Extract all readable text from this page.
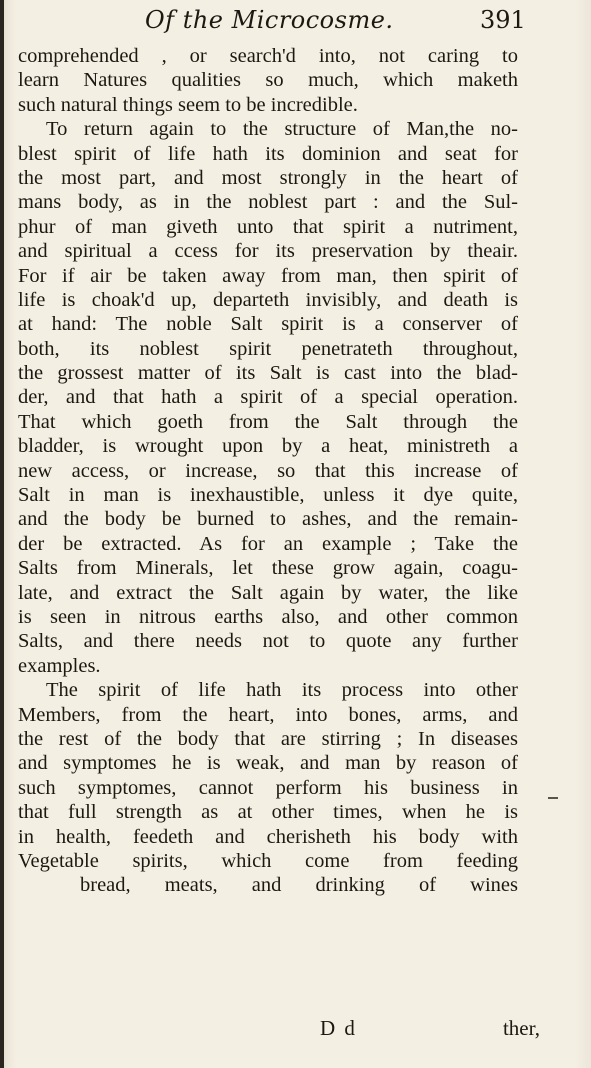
Of the Microcosme.	391
comprehended , or search'd into, not caring to
learn Natures qualities so much, which maketh
such natural things seem to be incredible.
To return again to the structure of Man,the no-
blest spirit of life hath its dominion and seat for
the most part, and most strongly in the heart of
mans body, as in the noblest part : and the Sul-
phur of man giveth unto that spirit a nutriment,
and spiritual a ccess for its preservation by theair.
For if air be taken away from man, then spirit of
life is choak'd up, departeth invisibly, and death is
at hand: The noble Salt spirit is a conserver of
both, its noblest spirit penetrateth throughout,
the grossest matter of its Salt is cast into the blad-
der, and that hath a spirit of a special operation.
That which goeth from the Salt through the
bladder, is wrought upon by a heat, ministreth a
new access, or increase, so that this increase of
Salt in man is inexhaustible, unless it dye quite,
and the body be burned to ashes, and the remain-
der be extracted. As for an example ; Take the
Salts from Minerals, let these grow again, coagu-
late, and extract the Salt again by water, the like
is seen in nitrous earths also, and other common
Salts, and there needs not to quote any further
examples.
The spirit of life hath its process into other
Members, from the heart, into bones, arms, and
the rest of the body that are stirring ; In diseases
and symptomes he is weak, and man by reason of
such symptomes, cannot perform his business in
that full strength as at other times, when he is
in health, feedeth and cherisheth his body with
Vegetable spirits, which come from feeding
bread, meats, and drinking of wines
D d	ther,
